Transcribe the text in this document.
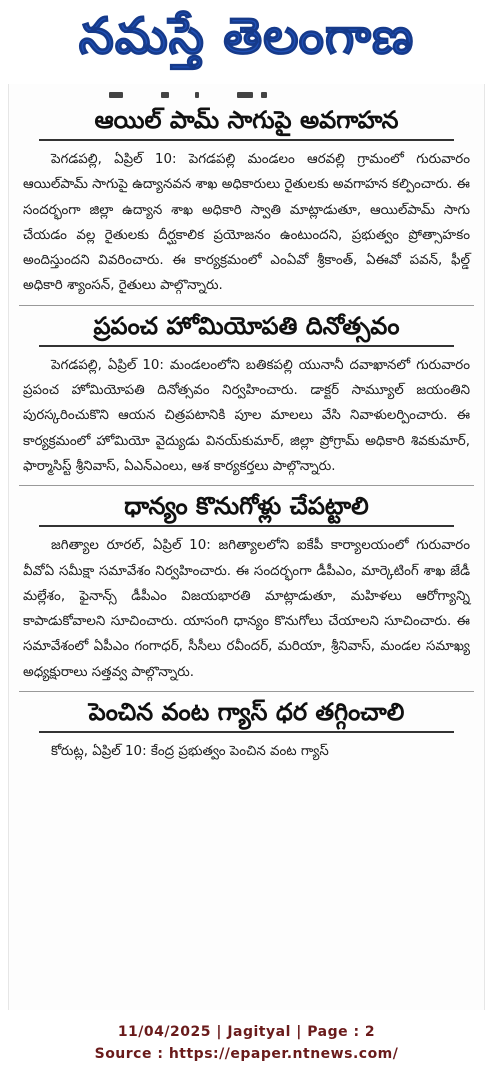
నమస్తే తెలంగాణ
ఆయిల్ పామ్ సాగుపై అవగాహన

పెగడపల్లి, ఏప్రిల్ 10: పెగడపల్లి మండలం ఆరవల్లి గ్రామంలో గురువారం ఆయిల్‌పామ్ సాగుపై ఉద్యానవన శాఖ అధికారులు రైతులకు అవగాహన కల్పించారు. ఈ సందర్భంగా జిల్లా ఉద్యాన శాఖ అధికారి స్వాతి మాట్లాడుతూ, ఆయిల్‌పామ్ సాగు చేయడం వల్ల రైతులకు దీర్ఘకాలిక ప్రయోజనం ఉంటుందని, ప్రభుత్వం ప్రోత్సాహకం అందిస్తుందని వివరించారు. ఈ కార్యక్రమంలో ఎంఏవో శ్రీకాంత్, ఏఈవో పవన్, ఫీల్డ్ అధికారి శ్యాంసన్, రైతులు పాల్గొన్నారు.

ప్రపంచ హోమియోపతి దినోత్సవం

పెగడపల్లి, ఏప్రిల్ 10: మండలంలోని బతికపల్లి యునానీ దవాఖానలో గురువారం ప్రపంచ హోమియోపతి దినోత్సవం నిర్వహించారు. డాక్టర్ సామ్యూల్ జయంతిని పురస్కరించుకొని ఆయన చిత్రపటానికి పూల మాలలు వేసి నివాళులర్పించారు. ఈ కార్యక్రమంలో హోమియో వైద్యుడు వినయ్‌కుమార్, జిల్లా ప్రోగ్రామ్ అధికారి శివకుమార్, ఫార్మాసిస్ట్ శ్రీనివాస్, ఏఎన్‌ఎంలు, ఆశ కార్యకర్తలు పాల్గొన్నారు.

ధాన్యం కొనుగోళ్లు చేపట్టాలి

జగిత్యాల రూరల్, ఏప్రిల్ 10: జగిత్యాలలోని ఐకేపీ కార్యాలయంలో గురువారం వీవోఏ సమీక్షా సమావేశం నిర్వహించారు. ఈ సందర్భంగా డీపీఎం, మార్కెటింగ్ శాఖ జేడీ మల్లేశం, ఫైనాన్స్ డీపీఎం విజయభారతి మాట్లాడుతూ, మహిళలు ఆరోగ్యాన్ని కాపాడుకోవాలని సూచించారు. యాసంగి ధాన్యం కొనుగోలు చేయాలని సూచించారు. ఈ సమావేశంలో ఏపీఎం గంగాధర్, సీసీలు రవీందర్, మరియా, శ్రీనివాస్, మండల సమాఖ్య అధ్యక్షురాలు సత్తవ్వ పాల్గొన్నారు.

పెంచిన వంట గ్యాస్ ధర తగ్గించాలి

కోరుట్ల, ఏప్రిల్ 10: కేంద్ర ప్రభుత్వం పెంచిన వంట గ్యాస్

11/04/2025 | Jagityal | Page : 2
Source : https://epaper.ntnews.com/
